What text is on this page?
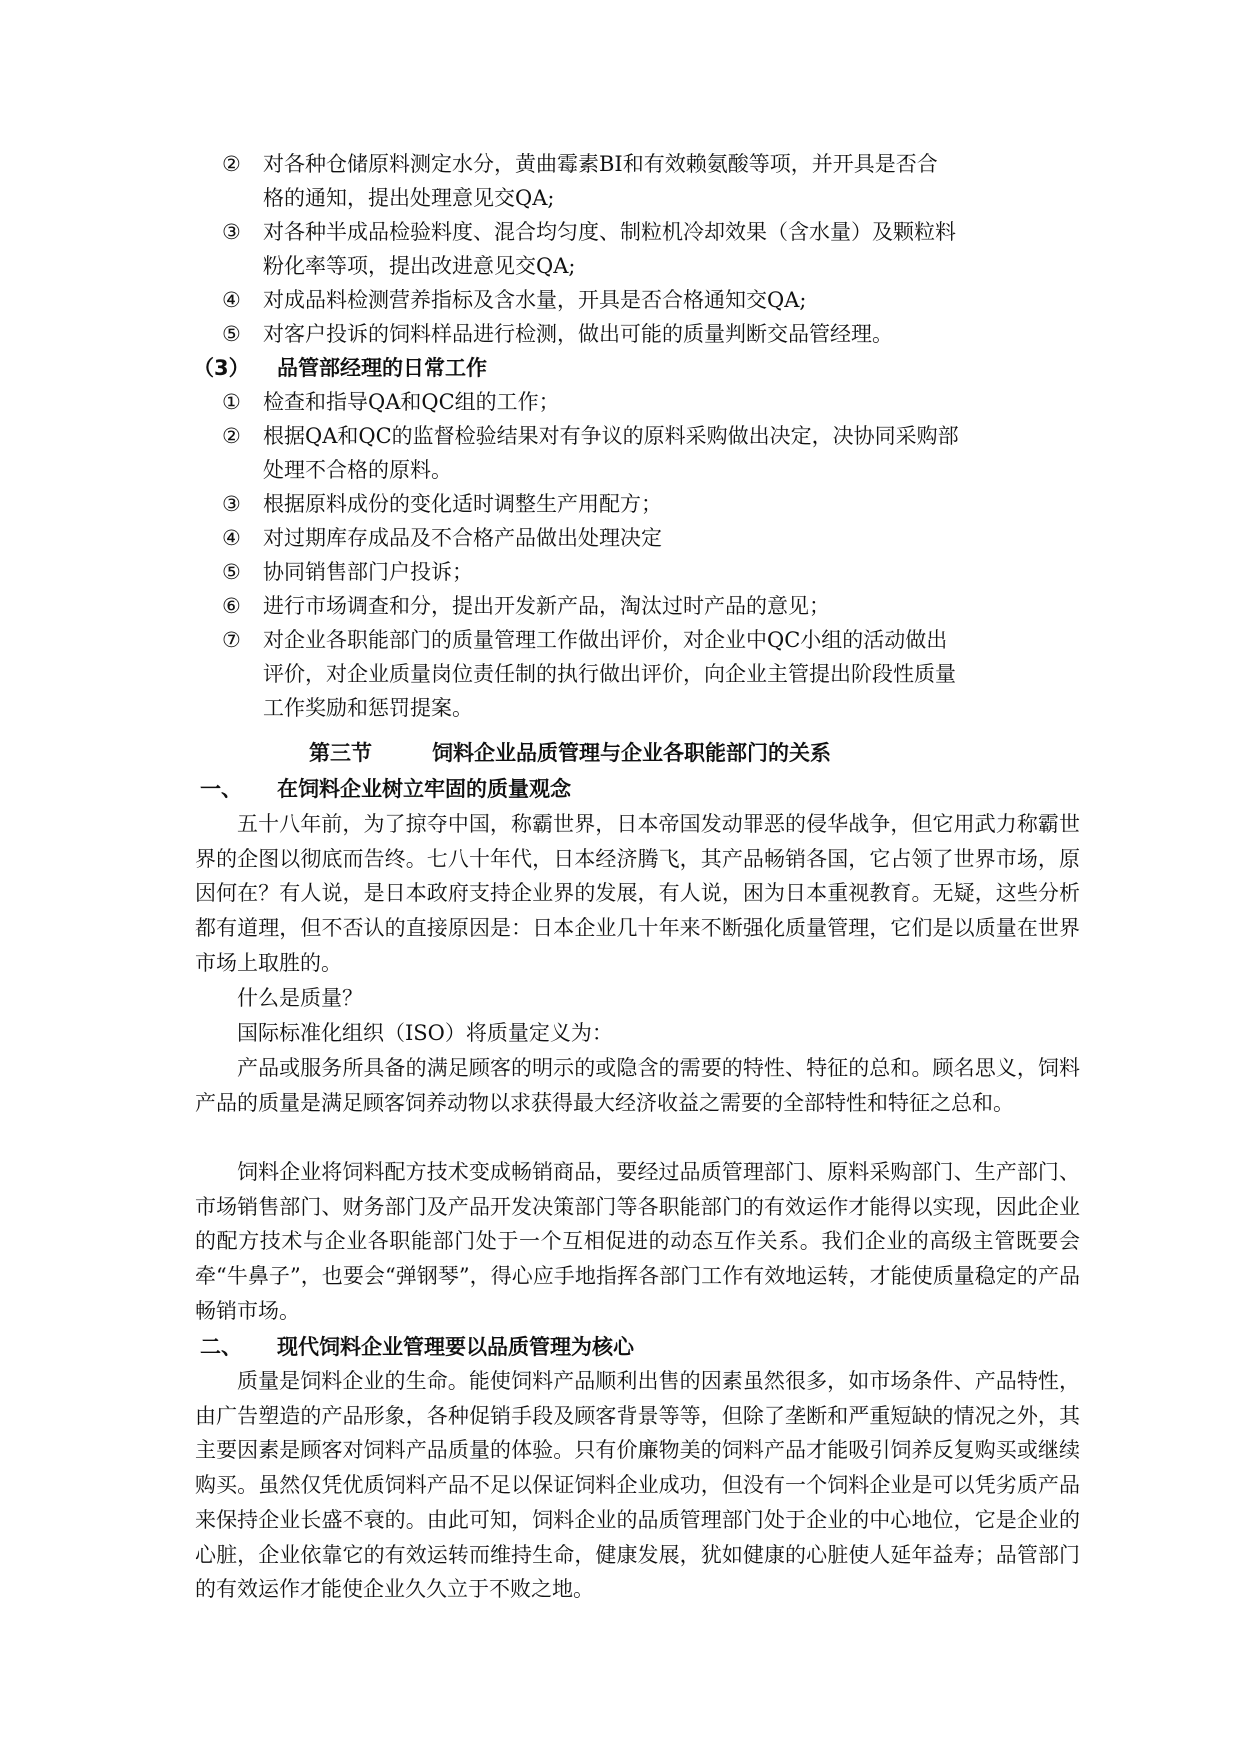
② 对各种仓储原料测定水分，黄曲霉素BI和有效赖氨酸等项，并开具是否合
格的通知，提出处理意见交QA;
③ 对各种半成品检验料度、混合均匀度、制粒机冷却效果（含水量）及颗粒料
粉化率等项，提出改进意见交QA;
④ 对成品料检测营养指标及含水量，开具是否合格通知交QA;
⑤ 对客户投诉的饲料样品进行检测，做出可能的质量判断交品管经理。
（3） 品管部经理的日常工作
① 检查和指导QA和QC组的工作；
② 根据QA和QC的监督检验结果对有争议的原料采购做出决定，决协同采购部
处理不合格的原料。
③ 根据原料成份的变化适时调整生产用配方；
④ 对过期库存成品及不合格产品做出处理决定
⑤ 协同销售部门户投诉；
⑥ 进行市场调查和分，提出开发新产品，淘汰过时产品的意见；
⑦ 对企业各职能部门的质量管理工作做出评价，对企业中QC小组的活动做出
评价，对企业质量岗位责任制的执行做出评价，向企业主管提出阶段性质量
工作奖励和惩罚提案。
第三节	饲料企业品质管理与企业各职能部门的关系
一、 在饲料企业树立牢固的质量观念
五十八年前，为了掠夺中国，称霸世界，日本帝国发动罪恶的侵华战争，但它用武力称霸世界的企图以彻底而告终。七八十年代，日本经济腾飞，其产品畅销各国，它占领了世界市场，原因何在？有人说，是日本政府支持企业界的发展，有人说，困为日本重视教育。无疑，这些分析都有道理，但不否认的直接原因是：日本企业几十年来不断强化质量管理，它们是以质量在世界市场上取胜的。
什么是质量？
国际标准化组织（ISO）将质量定义为：
产品或服务所具备的满足顾客的明示的或隐含的需要的特性、特征的总和。顾名思义，饲料产品的质量是满足顾客饲养动物以求获得最大经济收益之需要的全部特性和特征之总和。
饲料企业将饲料配方技术变成畅销商品，要经过品质管理部门、原料采购部门、生产部门、市场销售部门、财务部门及产品开发决策部门等各职能部门的有效运作才能得以实现，因此企业的配方技术与企业各职能部门处于一个互相促进的动态互作关系。我们企业的高级主管既要会牵“牛鼻子”，也要会“弹钢琴”，得心应手地指挥各部门工作有效地运转，才能使质量稳定的产品畅销市场。
二、 现代饲料企业管理要以品质管理为核心
质量是饲料企业的生命。能使饲料产品顺利出售的因素虽然很多，如市场条件、产品特性，由广告塑造的产品形象，各种促销手段及顾客背景等等，但除了垄断和严重短缺的情况之外，其主要因素是顾客对饲料产品质量的体验。只有价廉物美的饲料产品才能吸引饲养反复购买或继续购买。虽然仅凭优质饲料产品不足以保证饲料企业成功，但没有一个饲料企业是可以凭劣质产品来保持企业长盛不衰的。由此可知，饲料企业的品质管理部门处于企业的中心地位，它是企业的心脏，企业依靠它的有效运转而维持生命，健康发展，犹如健康的心脏使人延年益寿；品管部门的有效运作才能使企业久久立于不败之地。
